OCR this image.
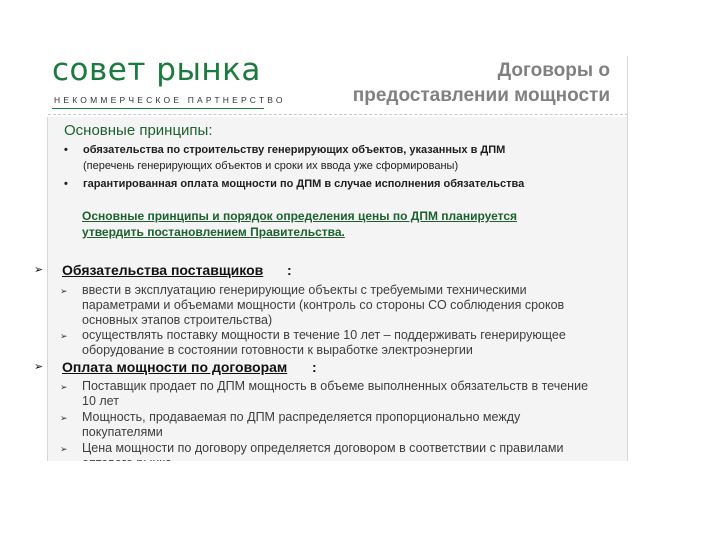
совет рынка
НЕКОММЕРЧЕСКОЕ ПАРТНЕРСТВО
Договоры о
предоставлении мощности
Основные принципы:
• обязательства по строительству генерирующих объектов, указанных в ДПМ
(перечень генерирующих объектов и сроки их ввода уже сформированы)
• гарантированная оплата мощности по ДПМ в случае исполнения обязательства
Основные принципы и порядок определения цены по ДПМ планируется
утвердить постановлением Правительства.
➢ Обязательства поставщиков :
➢ ввести в эксплуатацию генерирующие объекты с требуемыми техническими
параметрами и объемами мощности (контроль со стороны СО соблюдения сроков
основных этапов строительства)
➢ осуществлять поставку мощности в течение 10 лет – поддерживать генерирующее
оборудование в состоянии готовности к выработке электроэнергии
➢ Оплата мощности по договорам :
➢ Поставщик продает по ДПМ мощность в объеме выполненных обязательств в течение
10 лет
➢ Мощность, продаваемая по ДПМ распределяется пропорционально между
покупателями
➢ Цена мощности по договору определяется договором в соответствии с правилами
